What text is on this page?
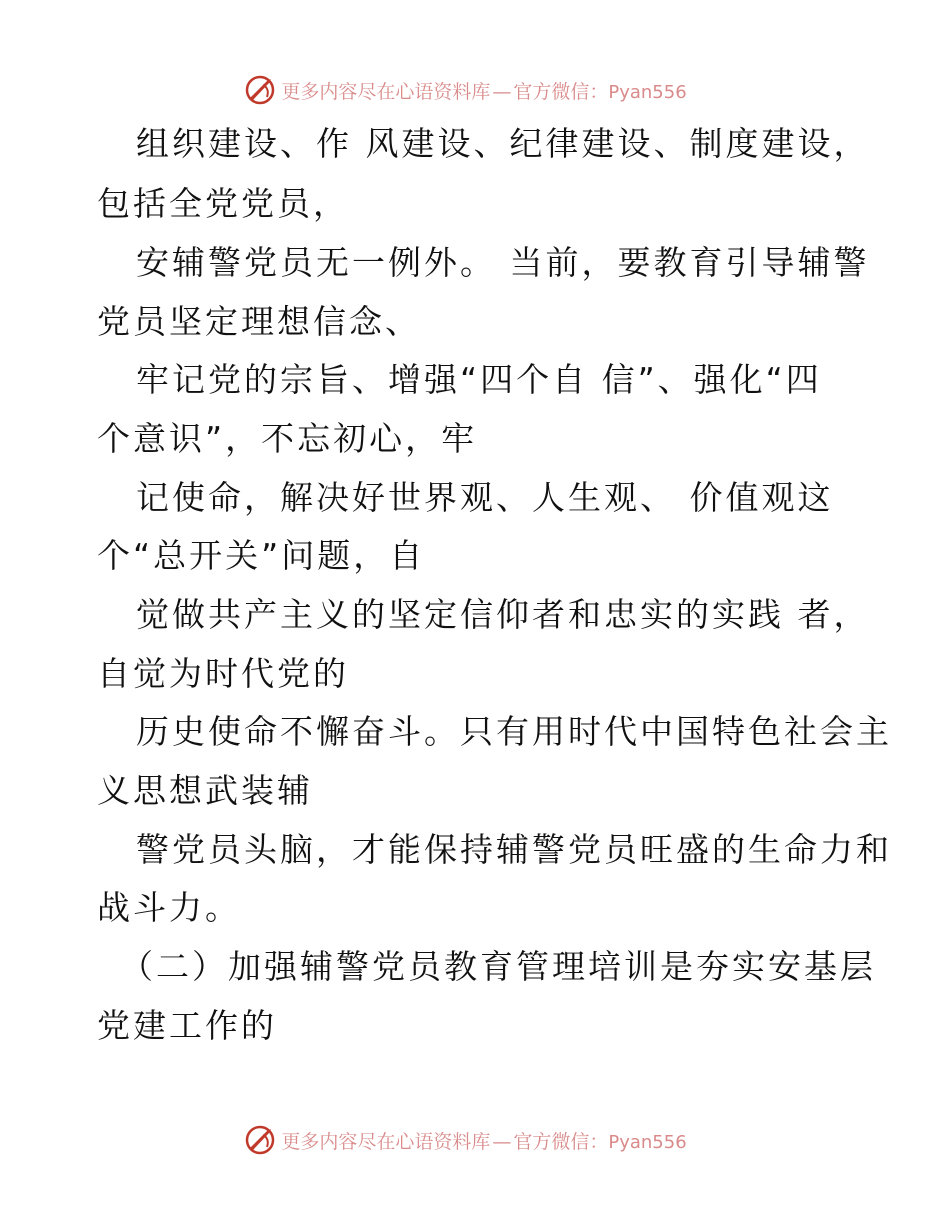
更多内容尽在心语资料库 — 官方微信：Pyan556
组织建设、作 风建设、纪律建设、制度建设，
包括全党党员，
安辅警党员无一例外。 当前，要教育引导辅警
党员坚定理想信念、
牢记党的宗旨、增强“四个自 信”、强化“四
个意识”，不忘初心，牢
记使命，解决好世界观、人生观、 价值观这
个“总开关”问题，自
觉做共产主义的坚定信仰者和忠实的实践 者，
自觉为时代党的
历史使命不懈奋斗。只有用时代中国特色社会主
义思想武装辅
警党员头脑，才能保持辅警党员旺盛的生命力和
战斗力。
（二）加强辅警党员教育管理培训是夯实安基层
党建工作的
更多内容尽在心语资料库 — 官方微信：Pyan556
